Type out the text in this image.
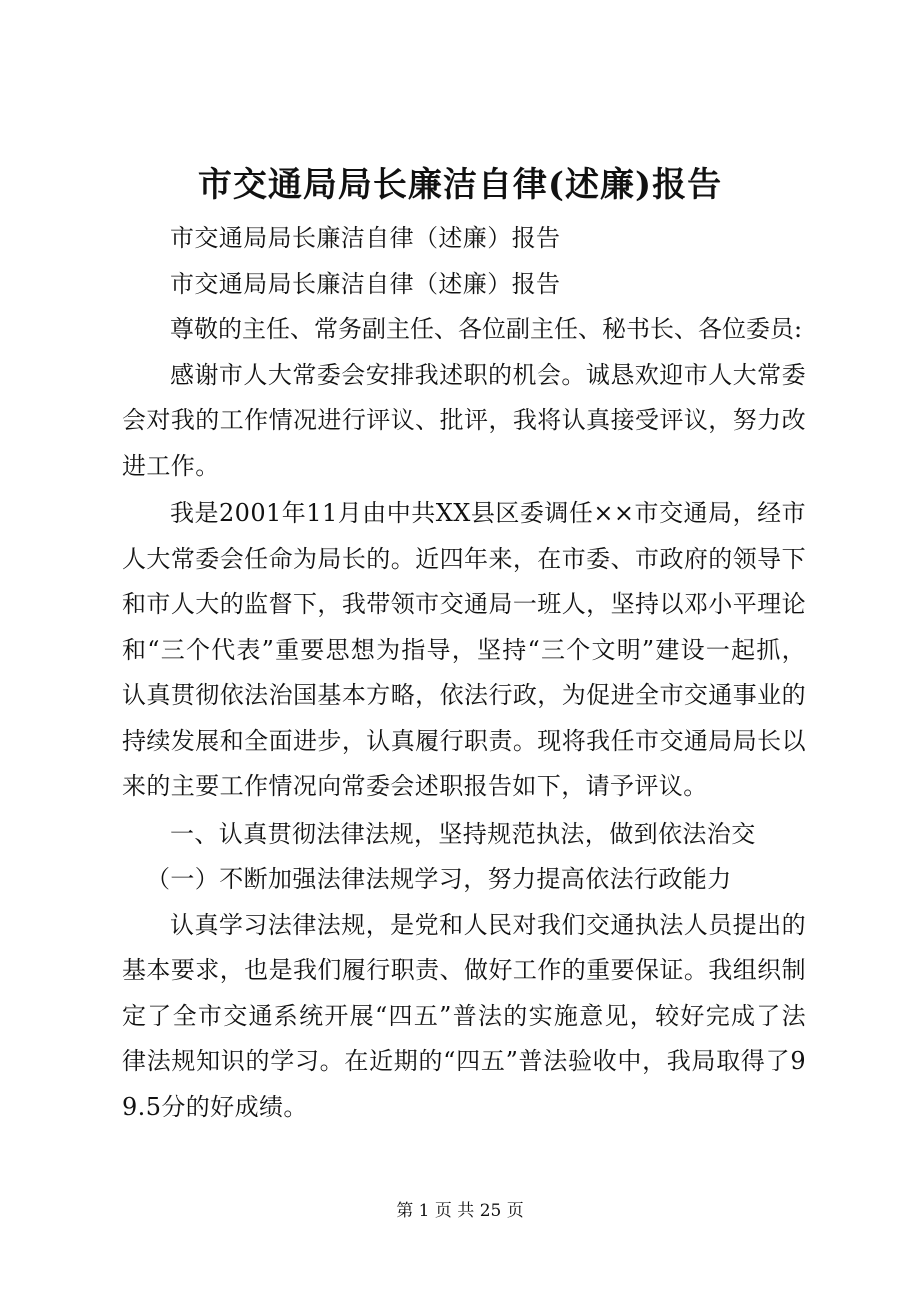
市交通局局长廉洁自律(述廉)报告

市交通局局长廉洁自律（述廉）报告

市交通局局长廉洁自律（述廉）报告

尊敬的主任、常务副主任、各位副主任、秘书长、各位委员:

感谢市人大常委会安排我述职的机会。诚恳欢迎市人大常委会对我的工作情况进行评议、批评，我将认真接受评议，努力改进工作。

我是2001年11月由中共XX县区委调任××市交通局，经市人大常委会任命为局长的。近四年来，在市委、市政府的领导下和市人大的监督下，我带领市交通局一班人，坚持以邓小平理论和“三个代表”重要思想为指导，坚持“三个文明”建设一起抓，认真贯彻依法治国基本方略，依法行政，为促进全市交通事业的持续发展和全面进步，认真履行职责。现将我任市交通局局长以来的主要工作情况向常委会述职报告如下，请予评议。

一、认真贯彻法律法规，坚持规范执法，做到依法治交

（一）不断加强法律法规学习，努力提高依法行政能力

认真学习法律法规，是党和人民对我们交通执法人员提出的基本要求，也是我们履行职责、做好工作的重要保证。我组织制定了全市交通系统开展“四五”普法的实施意见，较好完成了法律法规知识的学习。在近期的“四五”普法验收中，我局取得了99.5分的好成绩。

第 1 页 共 25 页
